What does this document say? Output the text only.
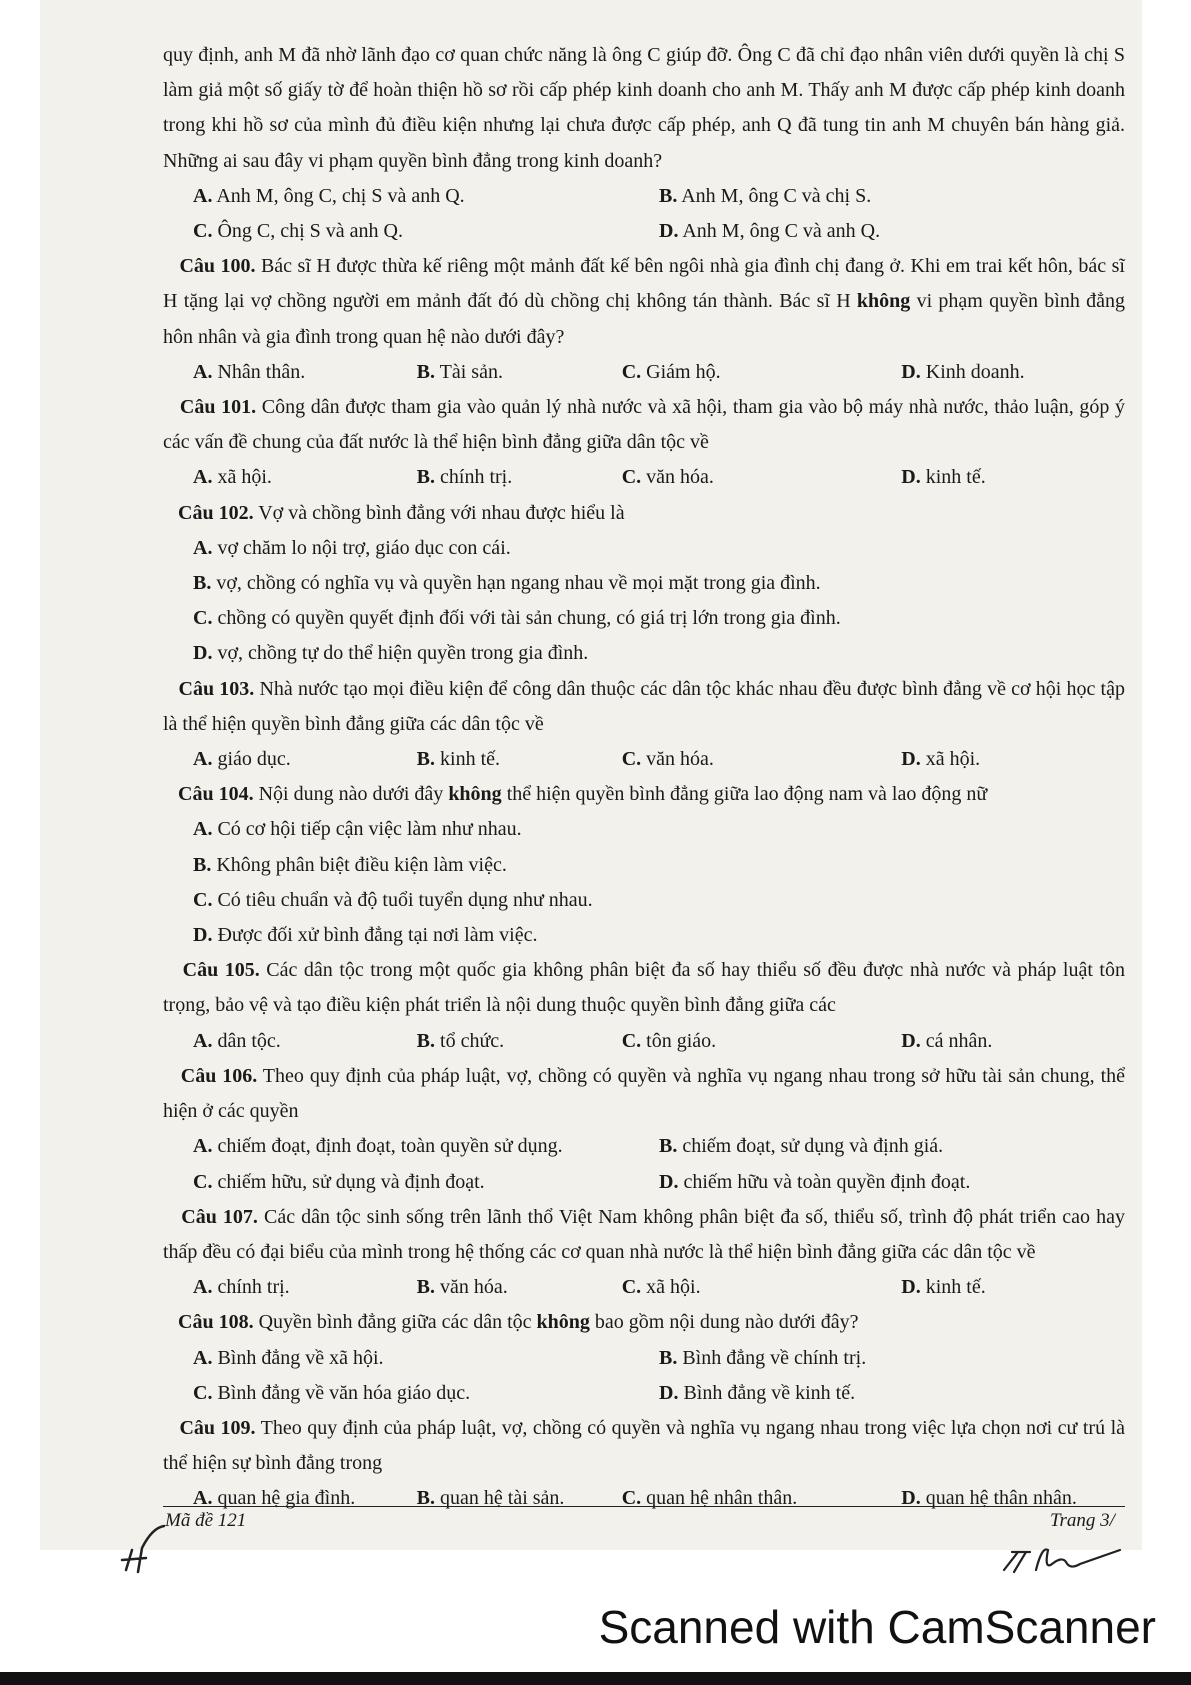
quy định, anh M đã nhờ lãnh đạo cơ quan chức năng là ông C giúp đỡ. Ông C đã chỉ đạo nhân viên dưới quyền là chị S làm giả một số giấy tờ để hoàn thiện hồ sơ rồi cấp phép kinh doanh cho anh M. Thấy anh M được cấp phép kinh doanh trong khi hồ sơ của mình đủ điều kiện nhưng lại chưa được cấp phép, anh Q đã tung tin anh M chuyên bán hàng giả. Những ai sau đây vi phạm quyền bình đẳng trong kinh doanh?

A. Anh M, ông C, chị S và anh Q.	B. Anh M, ông C và chị S.
C. Ông C, chị S và anh Q.	D. Anh M, ông C và anh Q.

Câu 100. Bác sĩ H được thừa kế riêng một mảnh đất kế bên ngôi nhà gia đình chị đang ở. Khi em trai kết hôn, bác sĩ H tặng lại vợ chồng người em mảnh đất đó dù chồng chị không tán thành. Bác sĩ H không vi phạm quyền bình đẳng hôn nhân và gia đình trong quan hệ nào dưới đây?

A. Nhân thân.	B. Tài sản.	C. Giám hộ.	D. Kinh doanh.

Câu 101. Công dân được tham gia vào quản lý nhà nước và xã hội, tham gia vào bộ máy nhà nước, thảo luận, góp ý các vấn đề chung của đất nước là thể hiện bình đẳng giữa dân tộc về

A. xã hội.	B. chính trị.	C. văn hóa.	D. kinh tế.

Câu 102. Vợ và chồng bình đẳng với nhau được hiểu là

A. vợ chăm lo nội trợ, giáo dục con cái.
B. vợ, chồng có nghĩa vụ và quyền hạn ngang nhau về mọi mặt trong gia đình.
C. chồng có quyền quyết định đối với tài sản chung, có giá trị lớn trong gia đình.
D. vợ, chồng tự do thể hiện quyền trong gia đình.

Câu 103. Nhà nước tạo mọi điều kiện để công dân thuộc các dân tộc khác nhau đều được bình đẳng về cơ hội học tập là thể hiện quyền bình đẳng giữa các dân tộc về

A. giáo dục.	B. kinh tế.	C. văn hóa.	D. xã hội.

Câu 104. Nội dung nào dưới đây không thể hiện quyền bình đẳng giữa lao động nam và lao động nữ

A. Có cơ hội tiếp cận việc làm như nhau.
B. Không phân biệt điều kiện làm việc.
C. Có tiêu chuẩn và độ tuổi tuyển dụng như nhau.
D. Được đối xử bình đẳng tại nơi làm việc.

Câu 105. Các dân tộc trong một quốc gia không phân biệt đa số hay thiểu số đều được nhà nước và pháp luật tôn trọng, bảo vệ và tạo điều kiện phát triển là nội dung thuộc quyền bình đẳng giữa các

A. dân tộc.	B. tổ chức.	C. tôn giáo.	D. cá nhân.

Câu 106. Theo quy định của pháp luật, vợ, chồng có quyền và nghĩa vụ ngang nhau trong sở hữu tài sản chung, thể hiện ở các quyền

A. chiếm đoạt, định đoạt, toàn quyền sử dụng.	B. chiếm đoạt, sử dụng và định giá.
C. chiếm hữu, sử dụng và định đoạt.	D. chiếm hữu và toàn quyền định đoạt.

Câu 107. Các dân tộc sinh sống trên lãnh thổ Việt Nam không phân biệt đa số, thiểu số, trình độ phát triển cao hay thấp đều có đại biểu của mình trong hệ thống các cơ quan nhà nước là thể hiện bình đẳng giữa các dân tộc về

A. chính trị.	B. văn hóa.	C. xã hội.	D. kinh tế.

Câu 108. Quyền bình đẳng giữa các dân tộc không bao gồm nội dung nào dưới đây?

A. Bình đẳng về xã hội.	B. Bình đẳng về chính trị.
C. Bình đẳng về văn hóa giáo dục.	D. Bình đẳng về kinh tế.

Câu 109. Theo quy định của pháp luật, vợ, chồng có quyền và nghĩa vụ ngang nhau trong việc lựa chọn nơi cư trú là thể hiện sự bình đẳng trong

A. quan hệ gia đình.	B. quan hệ tài sản.	C. quan hệ nhân thân.	D. quan hệ thân nhân.
Mã đề 121	Trang 3/
Scanned with CamScanner
